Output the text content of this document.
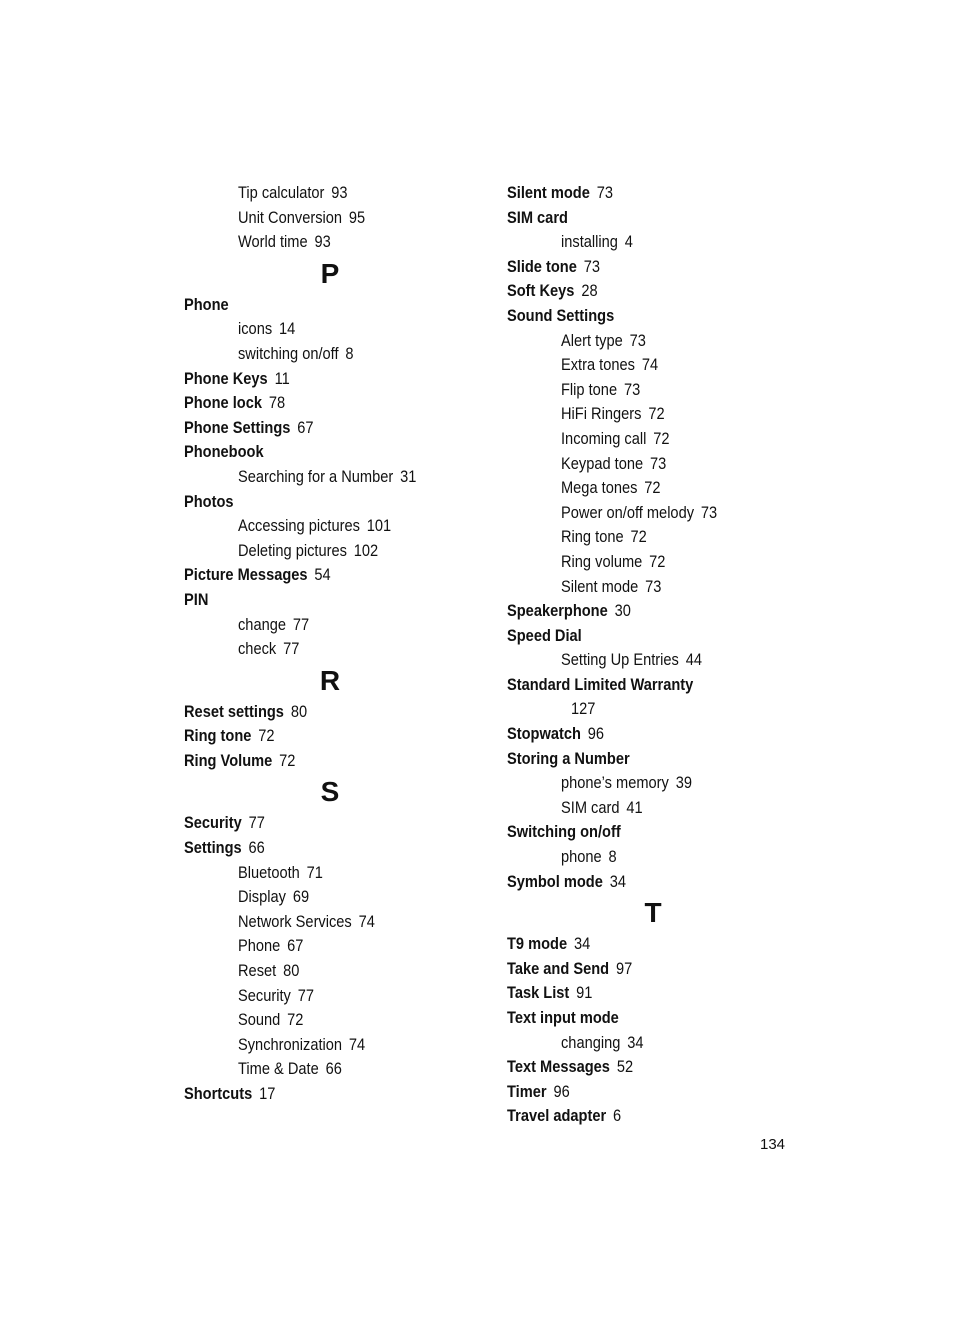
Tip calculator 93
Unit Conversion 95
World time 93
P
Phone
icons 14
switching on/off 8
Phone Keys 11
Phone lock 78
Phone Settings 67
Phonebook
Searching for a Number 31
Photos
Accessing pictures 101
Deleting pictures 102
Picture Messages 54
PIN
change 77
check 77
R
Reset settings 80
Ring tone 72
Ring Volume 72
S
Security 77
Settings 66
Bluetooth 71
Display 69
Network Services 74
Phone 67
Reset 80
Security 77
Sound 72
Synchronization 74
Time & Date 66
Shortcuts 17
Silent mode 73
SIM card
installing 4
Slide tone 73
Soft Keys 28
Sound Settings
Alert type 73
Extra tones 74
Flip tone 73
HiFi Ringers 72
Incoming call 72
Keypad tone 73
Mega tones 72
Power on/off melody 73
Ring tone 72
Ring volume 72
Silent mode 73
Speakerphone 30
Speed Dial
Setting Up Entries 44
Standard Limited Warranty
127
Stopwatch 96
Storing a Number
phone’s memory 39
SIM card 41
Switching on/off
phone 8
Symbol mode 34
T
T9 mode 34
Take and Send 97
Task List 91
Text input mode
changing 34
Text Messages 52
Timer 96
Travel adapter 6
134
